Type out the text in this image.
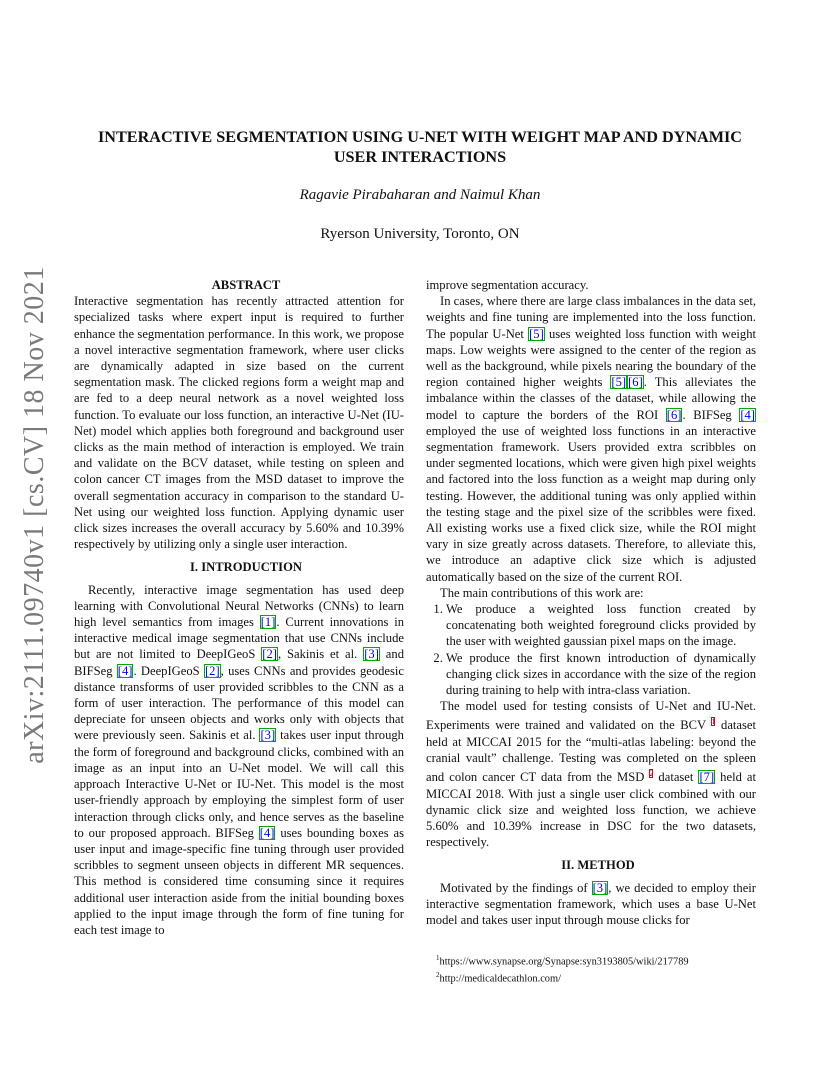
arXiv:2111.09740v1 [cs.CV] 18 Nov 2021
INTERACTIVE SEGMENTATION USING U-NET WITH WEIGHT MAP AND DYNAMIC
USER INTERACTIONS
Ragavie Pirabaharan and Naimul Khan
Ryerson University, Toronto, ON

ABSTRACT

Interactive segmentation has recently attracted attention for specialized tasks where expert input is required to further enhance the segmentation performance. In this work, we propose a novel interactive segmentation framework, where user clicks are dynamically adapted in size based on the current segmentation mask. The clicked regions form a weight map and are fed to a deep neural network as a novel weighted loss function. To evaluate our loss function, an interactive U-Net (IU-Net) model which applies both foreground and background user clicks as the main method of interaction is employed. We train and validate on the BCV dataset, while testing on spleen and colon cancer CT images from the MSD dataset to improve the overall segmentation accuracy in comparison to the standard U-Net using our weighted loss function. Applying dynamic user click sizes increases the overall accuracy by 5.60% and 10.39% respectively by utilizing only a single user interaction.

I. INTRODUCTION

Recently, interactive image segmentation has used deep learning with Convolutional Neural Networks (CNNs) to learn high level semantics from images [1]. Current innovations in interactive medical image segmentation that use CNNs include but are not limited to DeepIGeoS [2], Sakinis et al. [3] and BIFSeg [4]. DeepIGeoS [2], uses CNNs and provides geodesic distance transforms of user provided scribbles to the CNN as a form of user interaction. The performance of this model can depreciate for unseen objects and works only with objects that were previously seen. Sakinis et al. [3] takes user input through the form of foreground and background clicks, combined with an image as an input into an U-Net model. We will call this approach Interactive U-Net or IU-Net. This model is the most user-friendly approach by employing the simplest form of user interaction through clicks only, and hence serves as the baseline to our proposed approach. BIFSeg [4] uses bounding boxes as user input and image-specific fine tuning through user provided scribbles to segment unseen objects in different MR sequences. This method is considered time consuming since it requires additional user interaction aside from the initial bounding boxes applied to the input image through the form of fine tuning for each test image to

improve segmentation accuracy.

In cases, where there are large class imbalances in the data set, weights and fine tuning are implemented into the loss function. The popular U-Net [5] uses weighted loss function with weight maps. Low weights were assigned to the center of the region as well as the background, while pixels nearing the boundary of the region contained higher weights [5] [6]. This alleviates the imbalance within the classes of the dataset, while allowing the model to capture the borders of the ROI [6]. BIFSeg [4] employed the use of weighted loss functions in an interactive segmentation framework. Users provided extra scribbles on under segmented locations, which were given high pixel weights and factored into the loss function as a weight map during only testing. However, the additional tuning was only applied within the testing stage and the pixel size of the scribbles were fixed. All existing works use a fixed click size, while the ROI might vary in size greatly across datasets. Therefore, to alleviate this, we introduce an adaptive click size which is adjusted automatically based on the size of the current ROI.

The main contributions of this work are:

1. We produce a weighted loss function created by concatenating both weighted foreground clicks provided by the user with weighted gaussian pixel maps on the image.
2. We produce the first known introduction of dynamically changing click sizes in accordance with the size of the region during training to help with intra-class variation.

The model used for testing consists of U-Net and IU-Net. Experiments were trained and validated on the BCV $^1$ dataset held at MICCAI 2015 for the “multi-atlas labeling: beyond the cranial vault” challenge. Testing was completed on the spleen and colon cancer CT data from the MSD $^2$ dataset [7] held at MICCAI 2018. With just a single user click combined with our dynamic click size and weighted loss function, we achieve 5.60% and 10.39% increase in DSC for the two datasets, respectively.

II. METHOD

Motivated by the findings of [3], we decided to employ their interactive segmentation framework, which uses a base U-Net model and takes user input through mouse clicks for

$^1$https://www.synapse.org/Synapse:syn3193805/wiki/217789
$^2$http://medicaldecathlon.com/
